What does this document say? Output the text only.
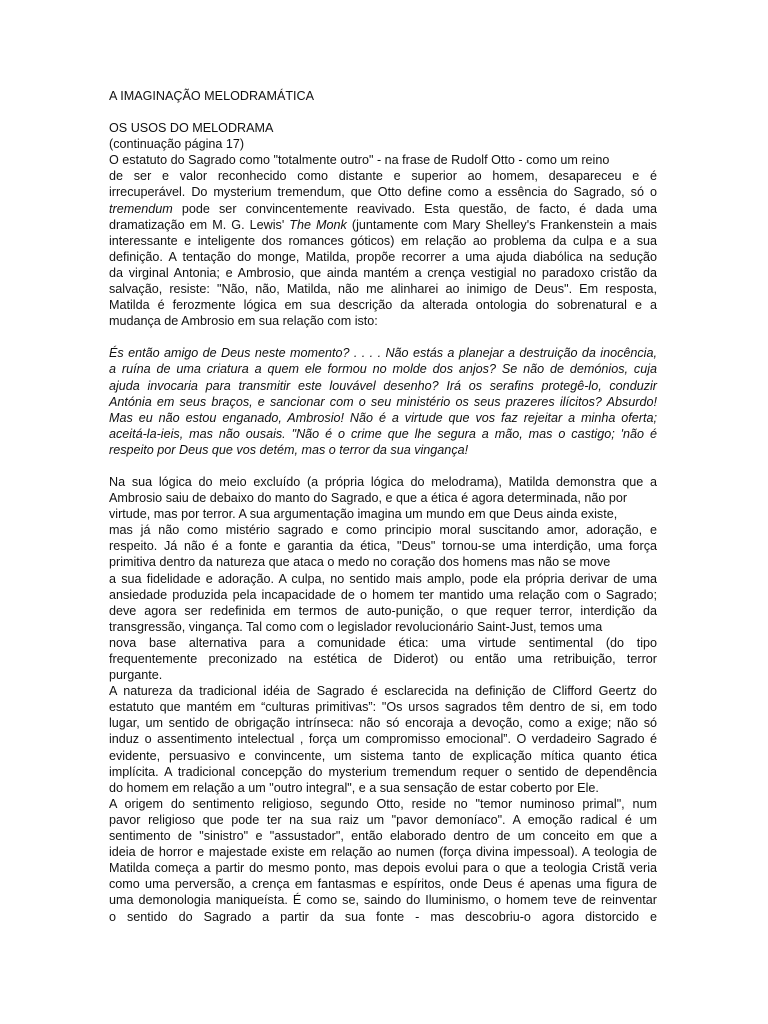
A IMAGINAÇÃO MELODRAMÁTICA

OS USOS DO MELODRAMA

(continuação página 17)

O estatuto do Sagrado como "totalmente outro" - na frase de Rudolf Otto - como um reino
de ser e valor reconhecido como distante e superior ao homem, desapareceu e é
irrecuperável. Do mysterium tremendum, que Otto define como a essência do Sagrado, só o
tremendum pode ser convincentemente reavivado. Esta questão, de facto, é dada uma
dramatização em M. G. Lewis' The Monk (juntamente com Mary Shelley's Frankenstein a mais
interessante e inteligente dos romances góticos) em relação ao problema da culpa e a sua
definição. A tentação do monge, Matilda, propõe recorrer a uma ajuda diabólica na sedução
da virginal Antonia; e Ambrosio, que ainda mantém a crença vestigial no paradoxo cristão da
salvação, resiste: "Não, não, Matilda, não me alinharei ao inimigo de Deus". Em resposta,
Matilda é ferozmente lógica em sua descrição da alterada ontologia do sobrenatural e a
mudança de Ambrosio em sua relação com isto:
És então amigo de Deus neste momento? . . . . Não estás a planejar a destruição da inocência,
a ruína de uma criatura a quem ele formou no molde dos anjos? Se não de demónios, cuja
ajuda invocaria para transmitir este louvável desenho? Irá os serafins protegê-lo, conduzir
Antónia em seus braços, e sancionar com o seu ministério os seus prazeres ilícitos? Absurdo!
Mas eu não estou enganado, Ambrosio! Não é a virtude que vos faz rejeitar a minha oferta;
aceitá-la-ieis, mas não ousais. "Não é o crime que lhe segura a mão, mas o castigo; 'não é
respeito por Deus que vos detém, mas o terror da sua vingança!
Na sua lógica do meio excluído (a própria lógica do melodrama), Matilda demonstra que a
Ambrosio saiu de debaixo do manto do Sagrado, e que a ética é agora determinada, não por
virtude, mas por terror. A sua argumentação imagina um mundo em que Deus ainda existe,
mas já não como mistério sagrado e como principio moral suscitando amor, adoração, e
respeito. Já não é a fonte e garantia da ética, "Deus" tornou-se uma interdição, uma força
primitiva dentro da natureza que ataca o medo no coração dos homens mas não se move
a sua fidelidade e adoração. A culpa, no sentido mais amplo, pode ela própria derivar de uma
ansiedade produzida pela incapacidade de o homem ter mantido uma relação com o Sagrado;
deve agora ser redefinida em termos de auto-punição, o que requer terror, interdição da
transgressão, vingança. Tal como com o legislador revolucionário Saint-Just, temos uma
nova base alternativa para a comunidade ética: uma virtude sentimental (do tipo
frequentemente preconizado na estética de Diderot) ou então uma retribuição, terror
purgante.
A natureza da tradicional idéia de Sagrado é esclarecida na definição de Clifford Geertz do
estatuto que mantém em “culturas primitivas”: "Os ursos sagrados têm dentro de si, em todo
lugar, um sentido de obrigação intrínseca: não só encoraja a devoção, como a exige; não só
induz o assentimento intelectual , força um compromisso emocional”. O verdadeiro Sagrado é
evidente, persuasivo e convincente, um sistema tanto de explicação mítica quanto ética
implícita. A tradicional concepção do mysterium tremendum requer o sentido de dependência
do homem em relação a um "outro integral", e a sua sensação de estar coberto por Ele.
A origem do sentimento religioso, segundo Otto, reside no "temor numinoso primal", num
pavor religioso que pode ter na sua raiz um "pavor demoníaco". A emoção radical é um
sentimento de "sinistro" e "assustador", então elaborado dentro de um conceito em que a
ideia de horror e majestade existe em relação ao numen (força divina impessoal). A teologia de
Matilda começa a partir do mesmo ponto, mas depois evolui para o que a teologia Cristã veria
como uma perversão, a crença em fantasmas e espíritos, onde Deus é apenas uma figura de
uma demonologia maniqueísta. É como se, saindo do Iluminismo, o homem teve de reinventar
o sentido do Sagrado a partir da sua fonte - mas descobriu-o agora distorcido e
